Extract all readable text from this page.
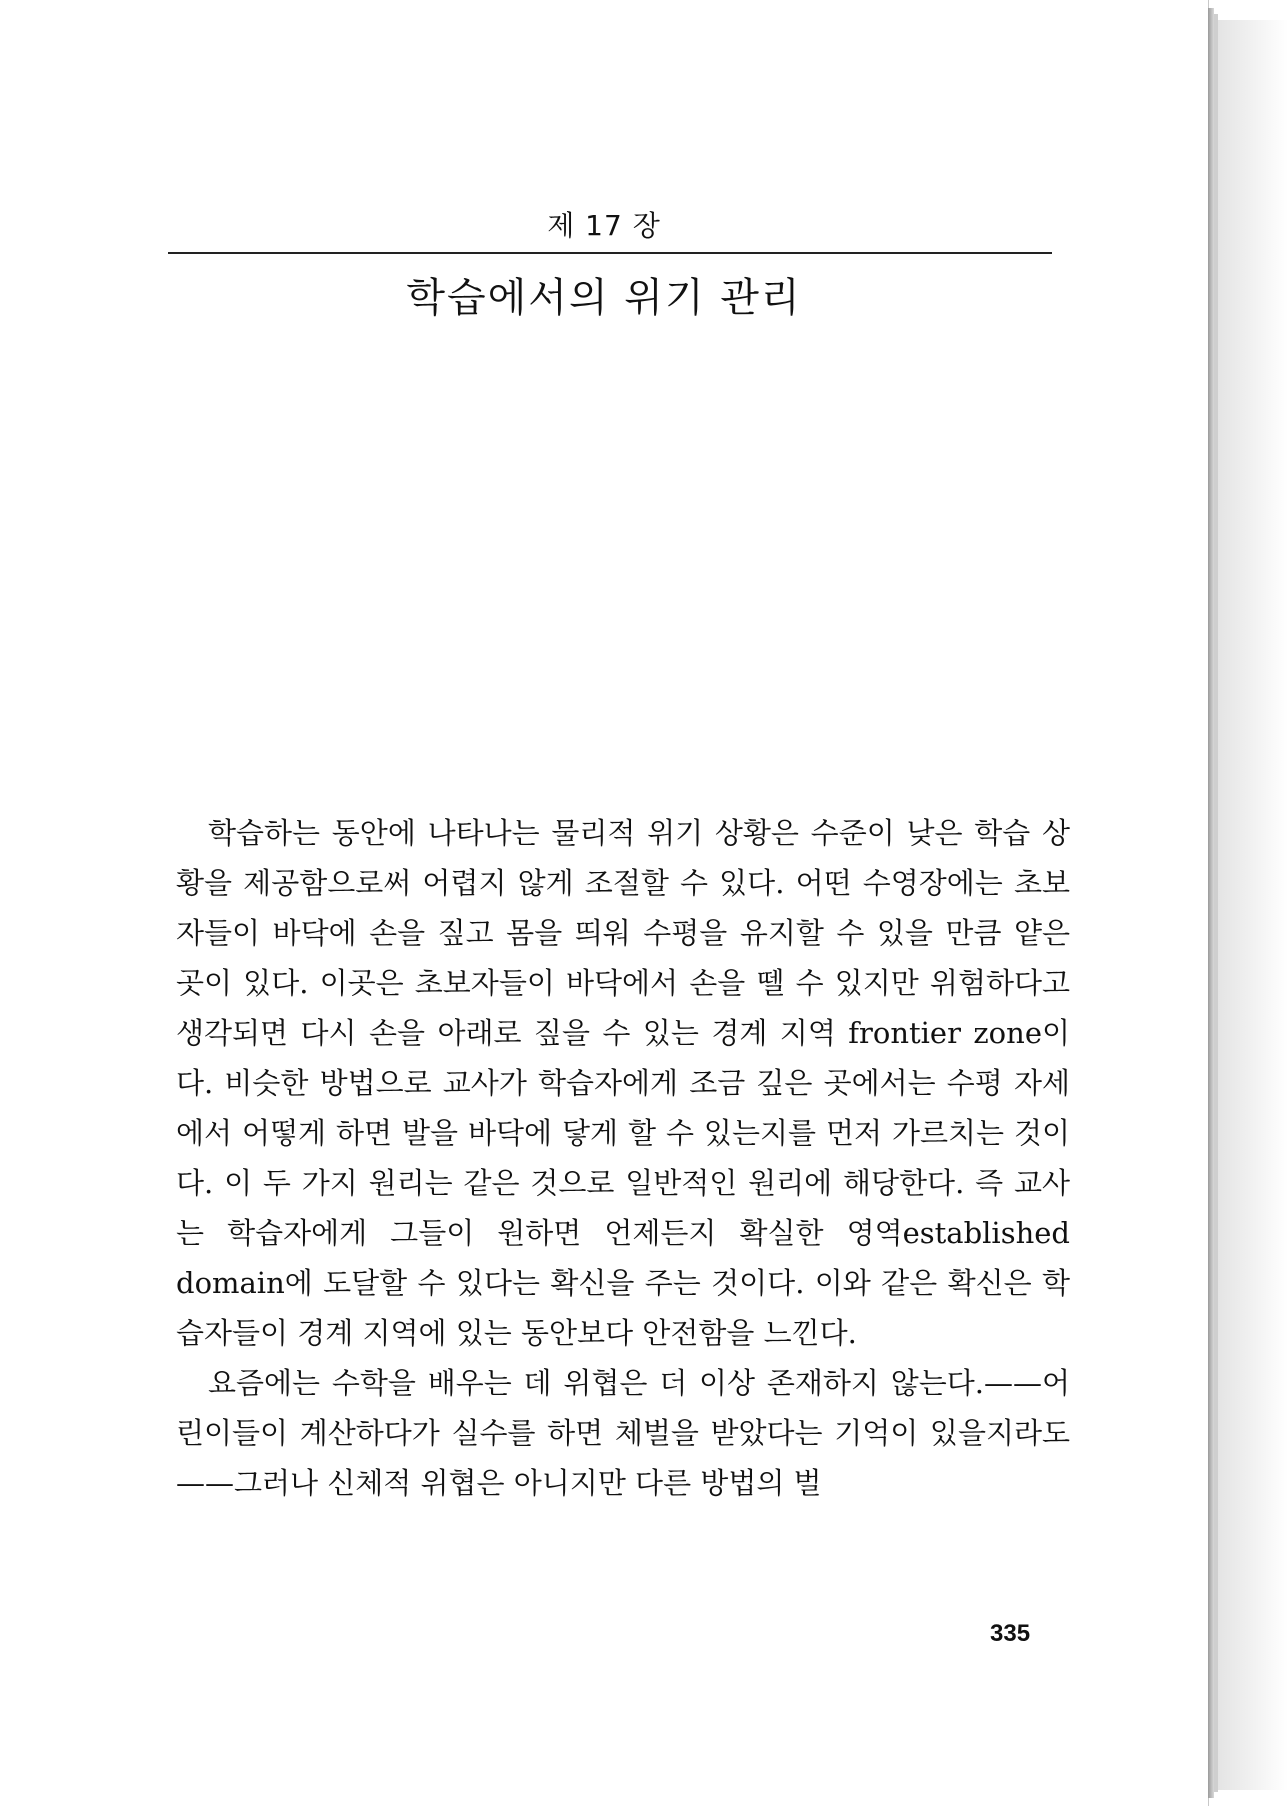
제 17 장
학습에서의 위기 관리

학습하는 동안에 나타나는 물리적 위기 상황은 수준이 낮은 학습 상황을 제공함으로써 어렵지 않게 조절할 수 있다. 어떤 수영장에는 초보자들이 바닥에 손을 짚고 몸을 띄워 수평을 유지할 수 있을 만큼 얕은 곳이 있다. 이곳은 초보자들이 바닥에서 손을 뗄 수 있지만 위험하다고 생각되면 다시 손을 아래로 짚을 수 있는 경계 지역 frontier zone이다. 비슷한 방법으로 교사가 학습자에게 조금 깊은 곳에서는 수평 자세에서 어떻게 하면 발을 바닥에 닿게 할 수 있는지를 먼저 가르치는 것이다. 이 두 가지 원리는 같은 것으로 일반적인 원리에 해당한다. 즉 교사는 학습자에게 그들이 원하면 언제든지 확실한 영역established domain에 도달할 수 있다는 확신을 주는 것이다. 이와 같은 확신은 학습자들이 경계 지역에 있는 동안보다 안전함을 느낀다.

요즘에는 수학을 배우는 데 위협은 더 이상 존재하지 않는다.——어린이들이 계산하다가 실수를 하면 체벌을 받았다는 기억이 있을지라도——그러나 신체적 위협은 아니지만 다른 방법의 벌

335
